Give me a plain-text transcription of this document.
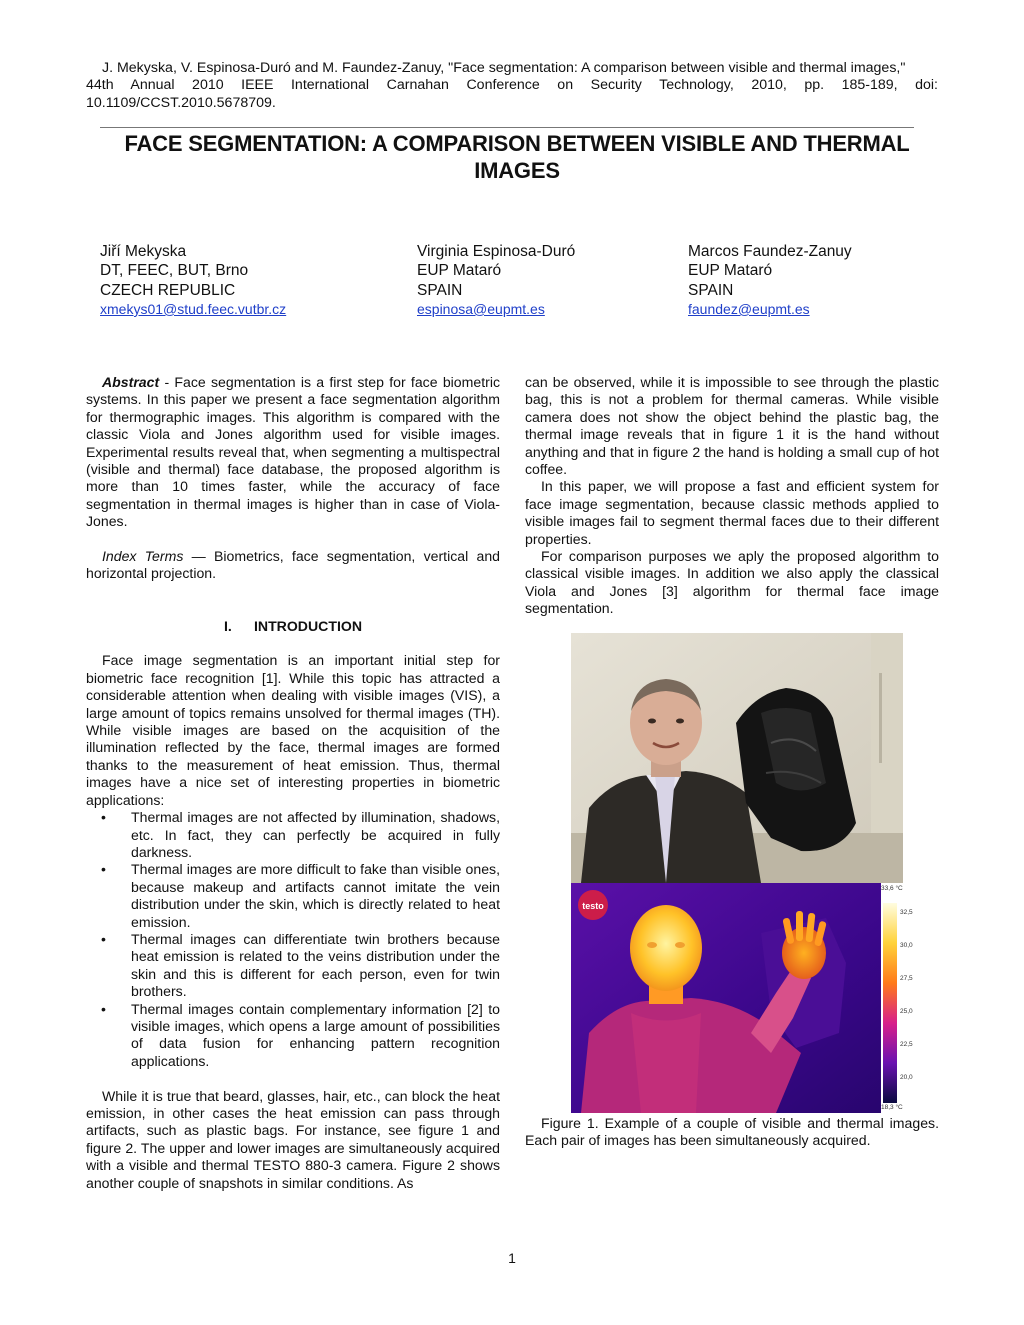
J. Mekyska, V. Espinosa-Duró and M. Faundez-Zanuy, "Face segmentation: A comparison between visible and thermal images,"
44th Annual 2010 IEEE International Carnahan Conference on Security Technology, 2010, pp. 185-189, doi: 10.1109/CCST.2010.5678709.
FACE SEGMENTATION: A COMPARISON BETWEEN VISIBLE AND THERMAL IMAGES
Jiří Mekyska
DT, FEEC, BUT, Brno
CZECH REPUBLIC
xmekys01@stud.feec.vutbr.cz
Virginia Espinosa-Duró
EUP Mataró
SPAIN
espinosa@eupmt.es
Marcos Faundez-Zanuy
EUP Mataró
SPAIN
faundez@eupmt.es

Abstract - Face segmentation is a first step for face biometric systems. In this paper we present a face segmentation algorithm for thermographic images. This algorithm is compared with the classic Viola and Jones algorithm used for visible images. Experimental results reveal that, when segmenting a multispectral (visible and thermal) face database, the proposed algorithm is more than 10 times faster, while the accuracy of face segmentation in thermal images is higher than in case of Viola-Jones.

Index Terms — Biometrics, face segmentation, vertical and horizontal projection.

I. INTRODUCTION

Face image segmentation is an important initial step for biometric face recognition [1]. While this topic has attracted a considerable attention when dealing with visible images (VIS), a large amount of topics remains unsolved for thermal images (TH). While visible images are based on the acquisition of the illumination reflected by the face, thermal images are formed thanks to the measurement of heat emission. Thus, thermal images have a nice set of interesting properties in biometric applications:

• Thermal images are not affected by illumination, shadows, etc. In fact, they can perfectly be acquired in fully darkness.
• Thermal images are more difficult to fake than visible ones, because makeup and artifacts cannot imitate the vein distribution under the skin, which is directly related to heat emission.
• Thermal images can differentiate twin brothers because heat emission is related to the veins distribution under the skin and this is different for each person, even for twin brothers.
• Thermal images contain complementary information [2] to visible images, which opens a large amount of possibilities of data fusion for enhancing pattern recognition applications.

While it is true that beard, glasses, hair, etc., can block the heat emission, in other cases the heat emission can pass through artifacts, such as plastic bags. For instance, see figure 1 and figure 2. The upper and lower images are simultaneously acquired with a visible and thermal TESTO 880-3 camera. Figure 2 shows another couple of snapshots in similar conditions. As

can be observed, while it is impossible to see through the plastic bag, this is not a problem for thermal cameras. While visible camera does not show the object behind the plastic bag, the thermal image reveals that in figure 1 it is the hand without anything and that in figure 2 the hand is holding a small cup of hot coffee.

In this paper, we will propose a fast and efficient system for face image segmentation, because classic methods applied to visible images fail to segment thermal faces due to their different properties.

For comparison purposes we aply the proposed algorithm to classical visible images. In addition we also apply the classical Viola and Jones [3] algorithm for thermal face image segmentation.

testo
33,6 °C
18,3 °C
32,5
30,0
27,5
25,0
22,5
20,0
Figure 1. Example of a couple of visible and thermal images. Each pair of images has been simultaneously acquired.
1
